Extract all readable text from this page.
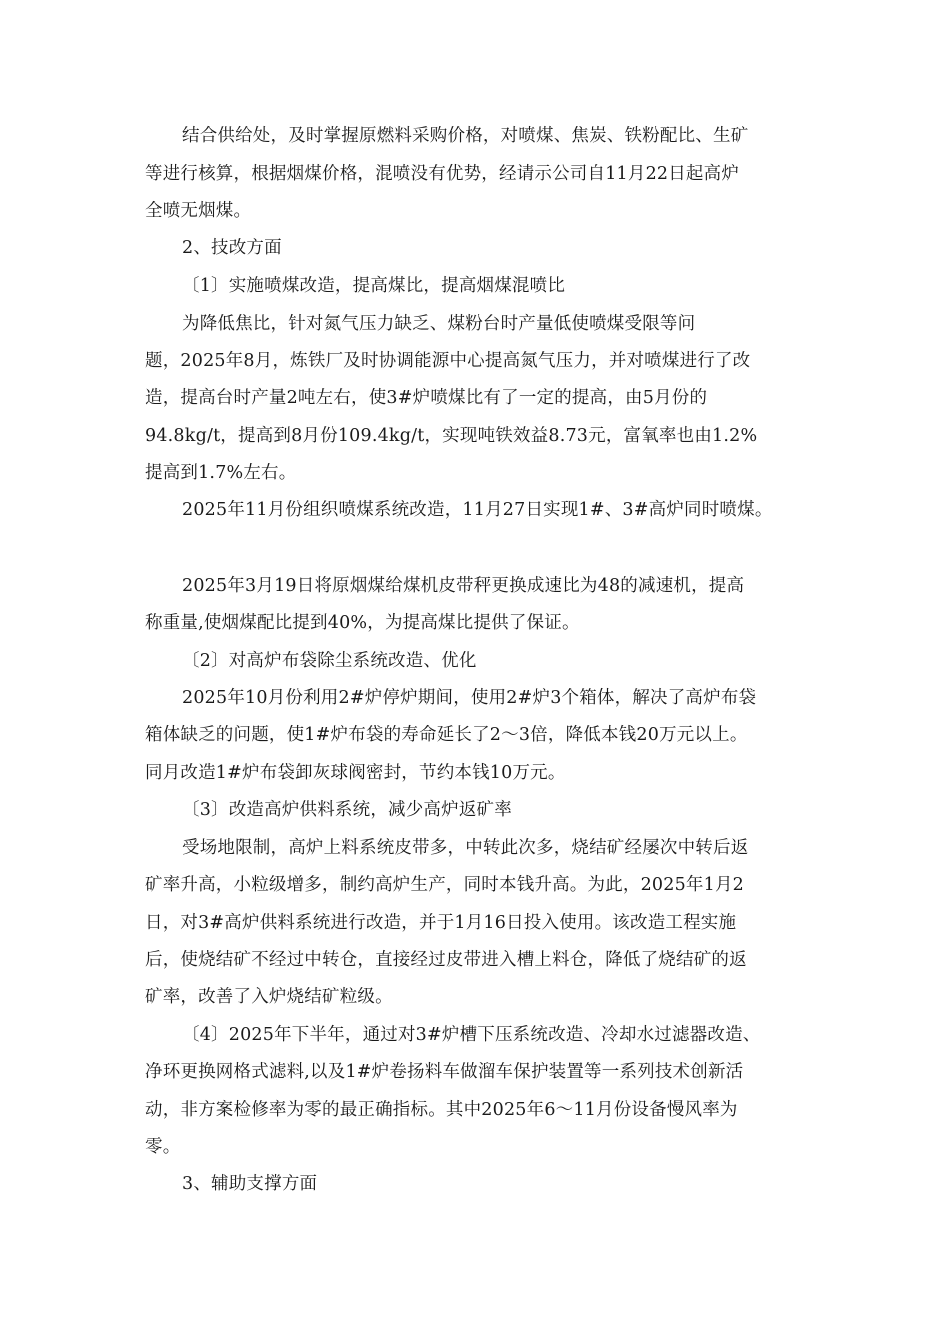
结合供给处，及时掌握原燃料采购价格，对喷煤、焦炭、铁粉配比、生矿
等进行核算，根据烟煤价格，混喷没有优势，经请示公司自11月22日起高炉
全喷无烟煤。
2、技改方面
〔1〕实施喷煤改造，提高煤比，提高烟煤混喷比
为降低焦比，针对氮气压力缺乏、煤粉台时产量低使喷煤受限等问
题，2025年8月，炼铁厂及时协调能源中心提高氮气压力，并对喷煤进行了改
造，提高台时产量2吨左右，使3#炉喷煤比有了一定的提高，由5月份的
94.8kg/t，提高到8月份109.4kg/t，实现吨铁效益8.73元，富氧率也由1.2%
提高到1.7%左右。
2025年11月份组织喷煤系统改造，11月27日实现1#、3#高炉同时喷煤。
2025年3月19日将原烟煤给煤机皮带秤更换成速比为48的减速机，提高
称重量,使烟煤配比提到40%，为提高煤比提供了保证。
〔2〕对高炉布袋除尘系统改造、优化
2025年10月份利用2#炉停炉期间，使用2#炉3个箱体，解决了高炉布袋
箱体缺乏的问题，使1#炉布袋的寿命延长了2～3倍，降低本钱20万元以上。
同月改造1#炉布袋卸灰球阀密封，节约本钱10万元。
〔3〕改造高炉供料系统，减少高炉返矿率
受场地限制，高炉上料系统皮带多，中转此次多，烧结矿经屡次中转后返
矿率升高，小粒级增多，制约高炉生产，同时本钱升高。为此，2025年1月2
日，对3#高炉供料系统进行改造，并于1月16日投入使用。该改造工程实施
后，使烧结矿不经过中转仓，直接经过皮带进入槽上料仓，降低了烧结矿的返
矿率，改善了入炉烧结矿粒级。
〔4〕2025年下半年，通过对3#炉槽下压系统改造、冷却水过滤器改造、
净环更换网格式滤料,以及1#炉卷扬料车做溜车保护装置等一系列技术创新活
动，非方案检修率为零的最正确指标。其中2025年6～11月份设备慢风率为
零。
3、辅助支撑方面
